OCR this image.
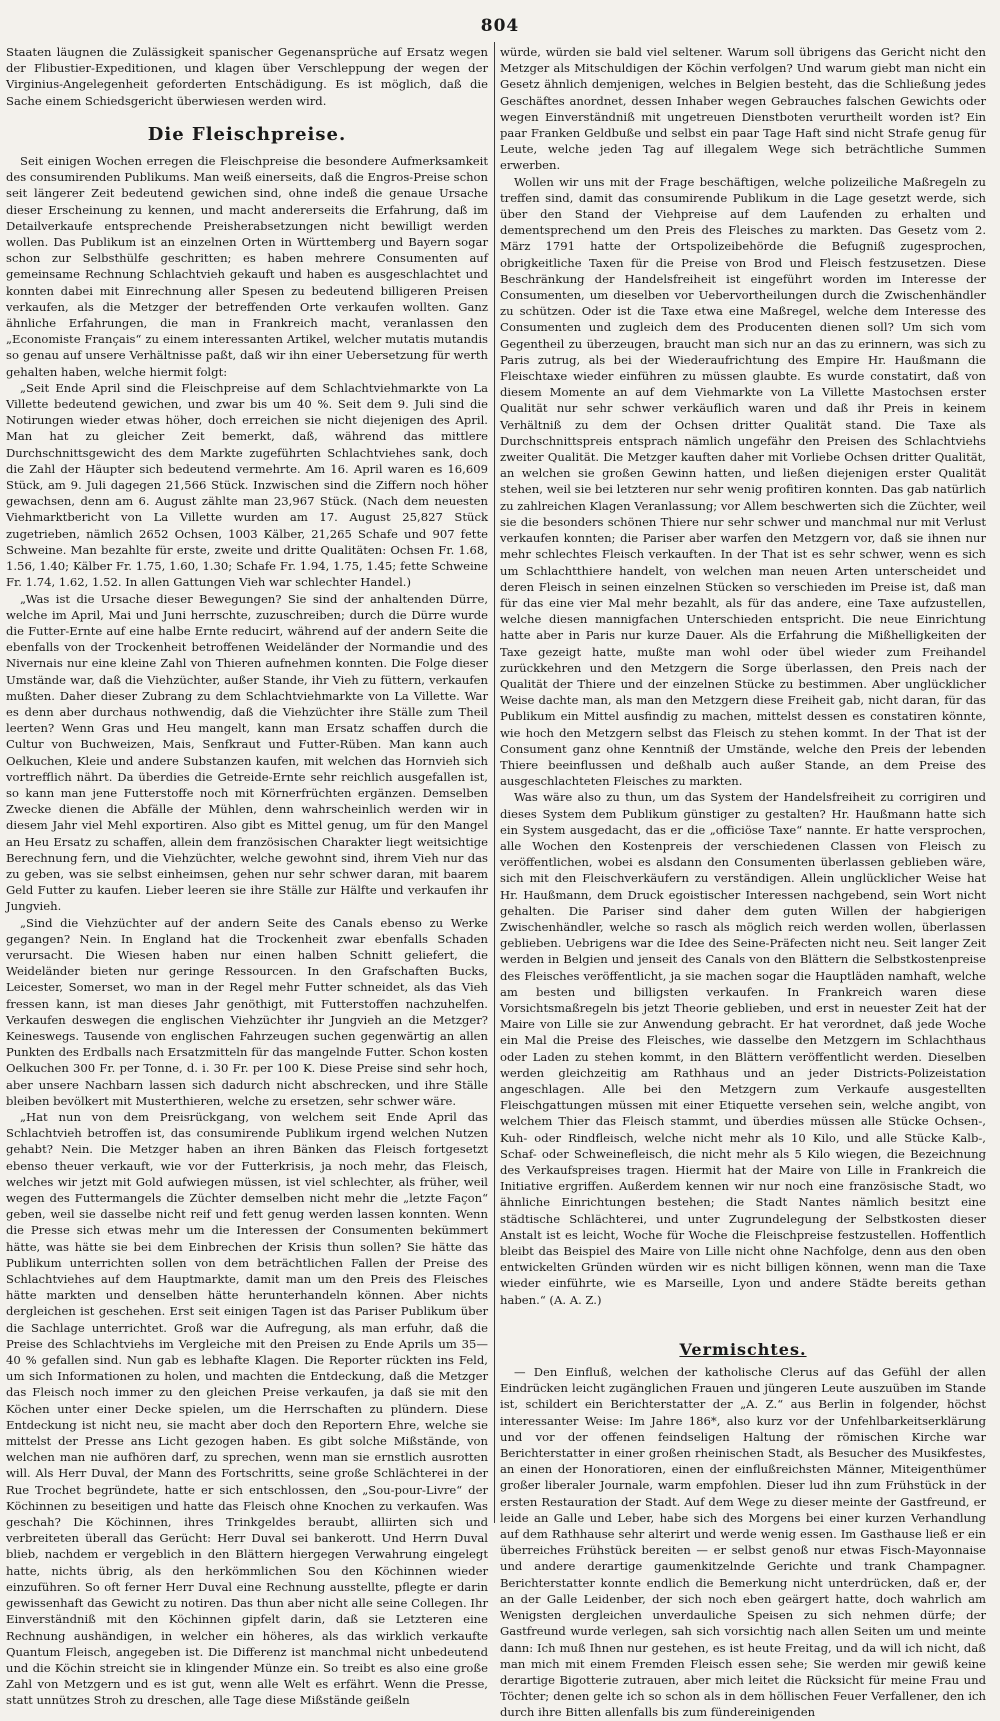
804

Staaten läugnen die Zulässigkeit spanischer Gegenansprüche auf Ersatz wegen der Flibustier-Expeditionen, und klagen über Verschleppung der wegen der Virginius-Angelegenheit geforderten Entschädigung. Es ist möglich, daß die Sache einem Schiedsgericht überwiesen werden wird.

Die Fleischpreise.

Seit einigen Wochen erregen die Fleischpreise die besondere Aufmerksamkeit des consumirenden Publikums. Man weiß einerseits, daß die Engros-Preise schon seit längerer Zeit bedeutend gewichen sind, ohne indeß die genaue Ursache dieser Erscheinung zu kennen, und macht andererseits die Erfahrung, daß im Detailverkaufe entsprechende Preisherabsetzungen nicht bewilligt werden wollen. Das Publikum ist an einzelnen Orten in Württemberg und Bayern sogar schon zur Selbsthülfe geschritten; es haben mehrere Consumenten auf gemeinsame Rechnung Schlachtvieh gekauft und haben es ausgeschlachtet und konnten dabei mit Einrechnung aller Spesen zu bedeutend billigeren Preisen verkaufen, als die Metzger der betreffenden Orte verkaufen wollten. Ganz ähnliche Erfahrungen, die man in Frankreich macht, veranlassen den „Economiste Français“ zu einem interessanten Artikel, welcher mutatis mutandis so genau auf unsere Verhältnisse paßt, daß wir ihn einer Uebersetzung für werth gehalten haben, welche hiermit folgt:

„Seit Ende April sind die Fleischpreise auf dem Schlachtviehmarkte von La Villette bedeutend gewichen, und zwar bis um 40 %. Seit dem 9. Juli sind die Notirungen wieder etwas höher, doch erreichen sie nicht diejenigen des April. Man hat zu gleicher Zeit bemerkt, daß, während das mittlere Durchschnittsgewicht des dem Markte zugeführten Schlachtviehes sank, doch die Zahl der Häupter sich bedeutend vermehrte. Am 16. April waren es 16,609 Stück, am 9. Juli dagegen 21,566 Stück. Inzwischen sind die Ziffern noch höher gewachsen, denn am 6. August zählte man 23,967 Stück. (Nach dem neuesten Viehmarktbericht von La Villette wurden am 17. August 25,827 Stück zugetrieben, nämlich 2652 Ochsen, 1003 Kälber, 21,265 Schafe und 907 fette Schweine. Man bezahlte für erste, zweite und dritte Qualitäten: Ochsen Fr. 1.68, 1.56, 1.40; Kälber Fr. 1.75, 1.60, 1.30; Schafe Fr. 1.94, 1.75, 1.45; fette Schweine Fr. 1.74, 1.62, 1.52. In allen Gattungen Vieh war schlechter Handel.)

„Was ist die Ursache dieser Bewegungen? Sie sind der anhaltenden Dürre, welche im April, Mai und Juni herrschte, zuzuschreiben; durch die Dürre wurde die Futter-Ernte auf eine halbe Ernte reducirt, während auf der andern Seite die ebenfalls von der Trockenheit betroffenen Weideländer der Normandie und des Nivernais nur eine kleine Zahl von Thieren aufnehmen konnten. Die Folge dieser Umstände war, daß die Viehzüchter, außer Stande, ihr Vieh zu füttern, verkaufen mußten. Daher dieser Zubrang zu dem Schlachtviehmarkte von La Villette. War es denn aber durchaus nothwendig, daß die Viehzüchter ihre Ställe zum Theil leerten? Wenn Gras und Heu mangelt, kann man Ersatz schaffen durch die Cultur von Buchweizen, Mais, Senfkraut und Futter-Rüben. Man kann auch Oelkuchen, Kleie und andere Substanzen kaufen, mit welchen das Hornvieh sich vortrefflich nährt. Da überdies die Getreide-Ernte sehr reichlich ausgefallen ist, so kann man jene Futterstoffe noch mit Körnerfrüchten ergänzen. Demselben Zwecke dienen die Abfälle der Mühlen, denn wahrscheinlich werden wir in diesem Jahr viel Mehl exportiren. Also gibt es Mittel genug, um für den Mangel an Heu Ersatz zu schaffen, allein dem französischen Charakter liegt weitsichtige Berechnung fern, und die Viehzüchter, welche gewohnt sind, ihrem Vieh nur das zu geben, was sie selbst einheimsen, gehen nur sehr schwer daran, mit baarem Geld Futter zu kaufen. Lieber leeren sie ihre Ställe zur Hälfte und verkaufen ihr Jungvieh.

„Sind die Viehzüchter auf der andern Seite des Canals ebenso zu Werke gegangen? Nein. In England hat die Trockenheit zwar ebenfalls Schaden verursacht. Die Wiesen haben nur einen halben Schnitt geliefert, die Weideländer bieten nur geringe Ressourcen. In den Grafschaften Bucks, Leicester, Somerset, wo man in der Regel mehr Futter schneidet, als das Vieh fressen kann, ist man dieses Jahr genöthigt, mit Futterstoffen nachzuhelfen. Verkaufen deswegen die englischen Viehzüchter ihr Jungvieh an die Metzger? Keineswegs. Tausende von englischen Fahrzeugen suchen gegenwärtig an allen Punkten des Erdballs nach Ersatzmitteln für das mangelnde Futter. Schon kosten Oelkuchen 300 Fr. per Tonne, d. i. 30 Fr. per 100 K. Diese Preise sind sehr hoch, aber unsere Nachbarn lassen sich dadurch nicht abschrecken, und ihre Ställe bleiben bevölkert mit Musterthieren, welche zu ersetzen, sehr schwer wäre.

„Hat nun von dem Preisrückgang, von welchem seit Ende April das Schlachtvieh betroffen ist, das consumirende Publikum irgend welchen Nutzen gehabt? Nein. Die Metzger haben an ihren Bänken das Fleisch fortgesetzt ebenso theuer verkauft, wie vor der Futterkrisis, ja noch mehr, das Fleisch, welches wir jetzt mit Gold aufwiegen müssen, ist viel schlechter, als früher, weil wegen des Futtermangels die Züchter demselben nicht mehr die „letzte Façon“ geben, weil sie dasselbe nicht reif und fett genug werden lassen konnten. Wenn die Presse sich etwas mehr um die Interessen der Consumenten bekümmert hätte, was hätte sie bei dem Einbrechen der Krisis thun sollen? Sie hätte das Publikum unterrichten sollen von dem beträchtlichen Fallen der Preise des Schlachtviehes auf dem Hauptmarkte, damit man um den Preis des Fleisches hätte markten und denselben hätte herunterhandeln können. Aber nichts dergleichen ist geschehen. Erst seit einigen Tagen ist das Pariser Publikum über die Sachlage unterrichtet. Groß war die Aufregung, als man erfuhr, daß die Preise des Schlachtviehs im Vergleiche mit den Preisen zu Ende Aprils um 35—40 % gefallen sind. Nun gab es lebhafte Klagen. Die Reporter rückten ins Feld, um sich Informationen zu holen, und machten die Entdeckung, daß die Metzger das Fleisch noch immer zu den gleichen Preise verkaufen, ja daß sie mit den Köchen unter einer Decke spielen, um die Herrschaften zu plündern. Diese Entdeckung ist nicht neu, sie macht aber doch den Reportern Ehre, welche sie mittelst der Presse ans Licht gezogen haben. Es gibt solche Mißstände, von welchen man nie aufhören darf, zu sprechen, wenn man sie ernstlich ausrotten will. Als Herr Duval, der Mann des Fortschritts, seine große Schlächterei in der Rue Trochet begründete, hatte er sich entschlossen, den „Sou-pour-Livre“ der Köchinnen zu beseitigen und hatte das Fleisch ohne Knochen zu verkaufen. Was geschah? Die Köchinnen, ihres Trinkgeldes beraubt, alliirten sich und verbreiteten überall das Gerücht: Herr Duval sei bankerott. Und Herrn Duval blieb, nachdem er vergeblich in den Blättern hiergegen Verwahrung eingelegt hatte, nichts übrig, als den herkömmlichen Sou den Köchinnen wieder einzuführen. So oft ferner Herr Duval eine Rechnung ausstellte, pflegte er darin gewissenhaft das Gewicht zu notiren. Das thun aber nicht alle seine Collegen. Ihr Einverständniß mit den Köchinnen gipfelt darin, daß sie Letzteren eine Rechnung aushändigen, in welcher ein höheres, als das wirklich verkaufte Quantum Fleisch, angegeben ist. Die Differenz ist manchmal nicht unbedeutend und die Köchin streicht sie in klingender Münze ein. So treibt es also eine große Zahl von Metzgern und es ist gut, wenn alle Welt es erfährt. Wenn die Presse, statt unnützes Stroh zu dreschen, alle Tage diese Mißstände geißeln

würde, würden sie bald viel seltener. Warum soll übrigens das Gericht nicht den Metzger als Mitschuldigen der Köchin verfolgen? Und warum giebt man nicht ein Gesetz ähnlich demjenigen, welches in Belgien besteht, das die Schließung jedes Geschäftes anordnet, dessen Inhaber wegen Gebrauches falschen Gewichts oder wegen Einverständniß mit ungetreuen Dienstboten verurtheilt worden ist? Ein paar Franken Geldbuße und selbst ein paar Tage Haft sind nicht Strafe genug für Leute, welche jeden Tag auf illegalem Wege sich beträchtliche Summen erwerben.

Wollen wir uns mit der Frage beschäftigen, welche polizeiliche Maßregeln zu treffen sind, damit das consumirende Publikum in die Lage gesetzt werde, sich über den Stand der Viehpreise auf dem Laufenden zu erhalten und dementsprechend um den Preis des Fleisches zu markten. Das Gesetz vom 2. März 1791 hatte der Ortspolizeibehörde die Befugniß zugesprochen, obrigkeitliche Taxen für die Preise von Brod und Fleisch festzusetzen. Diese Beschränkung der Handelsfreiheit ist eingeführt worden im Interesse der Consumenten, um dieselben vor Uebervortheilungen durch die Zwischenhändler zu schützen. Oder ist die Taxe etwa eine Maßregel, welche dem Interesse des Consumenten und zugleich dem des Producenten dienen soll? Um sich vom Gegentheil zu überzeugen, braucht man sich nur an das zu erinnern, was sich zu Paris zutrug, als bei der Wiederaufrichtung des Empire Hr. Haußmann die Fleischtaxe wieder einführen zu müssen glaubte. Es wurde constatirt, daß von diesem Momente an auf dem Viehmarkte von La Villette Mastochsen erster Qualität nur sehr schwer verkäuflich waren und daß ihr Preis in keinem Verhältniß zu dem der Ochsen dritter Qualität stand. Die Taxe als Durchschnittspreis entsprach nämlich ungefähr den Preisen des Schlachtviehs zweiter Qualität. Die Metzger kauften daher mit Vorliebe Ochsen dritter Qualität, an welchen sie großen Gewinn hatten, und ließen diejenigen erster Qualität stehen, weil sie bei letzteren nur sehr wenig profitiren konnten. Das gab natürlich zu zahlreichen Klagen Veranlassung; vor Allem beschwerten sich die Züchter, weil sie die besonders schönen Thiere nur sehr schwer und manchmal nur mit Verlust verkaufen konnten; die Pariser aber warfen den Metzgern vor, daß sie ihnen nur mehr schlechtes Fleisch verkauften. In der That ist es sehr schwer, wenn es sich um Schlachtthiere handelt, von welchen man neuen Arten unterscheidet und deren Fleisch in seinen einzelnen Stücken so verschieden im Preise ist, daß man für das eine vier Mal mehr bezahlt, als für das andere, eine Taxe aufzustellen, welche diesen mannigfachen Unterschieden entspricht. Die neue Einrichtung hatte aber in Paris nur kurze Dauer. Als die Erfahrung die Mißhelligkeiten der Taxe gezeigt hatte, mußte man wohl oder übel wieder zum Freihandel zurückkehren und den Metzgern die Sorge überlassen, den Preis nach der Qualität der Thiere und der einzelnen Stücke zu bestimmen. Aber unglücklicher Weise dachte man, als man den Metzgern diese Freiheit gab, nicht daran, für das Publikum ein Mittel ausfindig zu machen, mittelst dessen es constatiren könnte, wie hoch den Metzgern selbst das Fleisch zu stehen kommt. In der That ist der Consument ganz ohne Kenntniß der Umstände, welche den Preis der lebenden Thiere beeinflussen und deßhalb auch außer Stande, an dem Preise des ausgeschlachteten Fleisches zu markten.

Was wäre also zu thun, um das System der Handelsfreiheit zu corrigiren und dieses System dem Publikum günstiger zu gestalten? Hr. Haußmann hatte sich ein System ausgedacht, das er die „officiöse Taxe“ nannte. Er hatte versprochen, alle Wochen den Kostenpreis der verschiedenen Classen von Fleisch zu veröffentlichen, wobei es alsdann den Consumenten überlassen geblieben wäre, sich mit den Fleischverkäufern zu verständigen. Allein unglücklicher Weise hat Hr. Haußmann, dem Druck egoistischer Interessen nachgebend, sein Wort nicht gehalten. Die Pariser sind daher dem guten Willen der habgierigen Zwischenhändler, welche so rasch als möglich reich werden wollen, überlassen geblieben. Uebrigens war die Idee des Seine-Präfecten nicht neu. Seit langer Zeit werden in Belgien und jenseit des Canals von den Blättern die Selbstkostenpreise des Fleisches veröffentlicht, ja sie machen sogar die Hauptläden namhaft, welche am besten und billigsten verkaufen. In Frankreich waren diese Vorsichtsmaßregeln bis jetzt Theorie geblieben, und erst in neuester Zeit hat der Maire von Lille sie zur Anwendung gebracht. Er hat verordnet, daß jede Woche ein Mal die Preise des Fleisches, wie dasselbe den Metzgern im Schlachthaus oder Laden zu stehen kommt, in den Blättern veröffentlicht werden. Dieselben werden gleichzeitig am Rathhaus und an jeder Districts-Polizeistation angeschlagen. Alle bei den Metzgern zum Verkaufe ausgestellten Fleischgattungen müssen mit einer Etiquette versehen sein, welche angibt, von welchem Thier das Fleisch stammt, und überdies müssen alle Stücke Ochsen-, Kuh- oder Rindfleisch, welche nicht mehr als 10 Kilo, und alle Stücke Kalb-, Schaf- oder Schweinefleisch, die nicht mehr als 5 Kilo wiegen, die Bezeichnung des Verkaufspreises tragen. Hiermit hat der Maire von Lille in Frankreich die Initiative ergriffen. Außerdem kennen wir nur noch eine französische Stadt, wo ähnliche Einrichtungen bestehen; die Stadt Nantes nämlich besitzt eine städtische Schlächterei, und unter Zugrundelegung der Selbstkosten dieser Anstalt ist es leicht, Woche für Woche die Fleischpreise festzustellen. Hoffentlich bleibt das Beispiel des Maire von Lille nicht ohne Nachfolge, denn aus den oben entwickelten Gründen würden wir es nicht billigen können, wenn man die Taxe wieder einführte, wie es Marseille, Lyon und andere Städte bereits gethan haben.“ (A. A. Z.)

Vermischtes.

— Den Einfluß, welchen der katholische Clerus auf das Gefühl der allen Eindrücken leicht zugänglichen Frauen und jüngeren Leute auszuüben im Stande ist, schildert ein Berichterstatter der „A. Z.“ aus Berlin in folgender, höchst interessanter Weise: Im Jahre 186*, also kurz vor der Unfehlbarkeitserklärung und vor der offenen feindseligen Haltung der römischen Kirche war Berichterstatter in einer großen rheinischen Stadt, als Besucher des Musikfestes, an einen der Honoratioren, einen der einflußreichsten Männer, Miteigenthümer großer liberaler Journale, warm empfohlen. Dieser lud ihn zum Frühstück in der ersten Restauration der Stadt. Auf dem Wege zu dieser meinte der Gastfreund, er leide an Galle und Leber, habe sich des Morgens bei einer kurzen Verhandlung auf dem Rathhause sehr alterirt und werde wenig essen. Im Gasthause ließ er ein überreiches Frühstück bereiten — er selbst genoß nur etwas Fisch-Mayonnaise und andere derartige gaumenkitzelnde Gerichte und trank Champagner. Berichterstatter konnte endlich die Bemerkung nicht unterdrücken, daß er, der an der Galle Leidenber, der sich noch eben geärgert hatte, doch wahrlich am Wenigsten dergleichen unverdauliche Speisen zu sich nehmen dürfe; der Gastfreund wurde verlegen, sah sich vorsichtig nach allen Seiten um und meinte dann: Ich muß Ihnen nur gestehen, es ist heute Freitag, und da will ich nicht, daß man mich mit einem Fremden Fleisch essen sehe; Sie werden mir gewiß keine derartige Bigotterie zutrauen, aber mich leitet die Rücksicht für meine Frau und Töchter; denen gelte ich so schon als in dem höllischen Feuer Verfallener, den ich durch ihre Bitten allenfalls bis zum fündereinigenden
